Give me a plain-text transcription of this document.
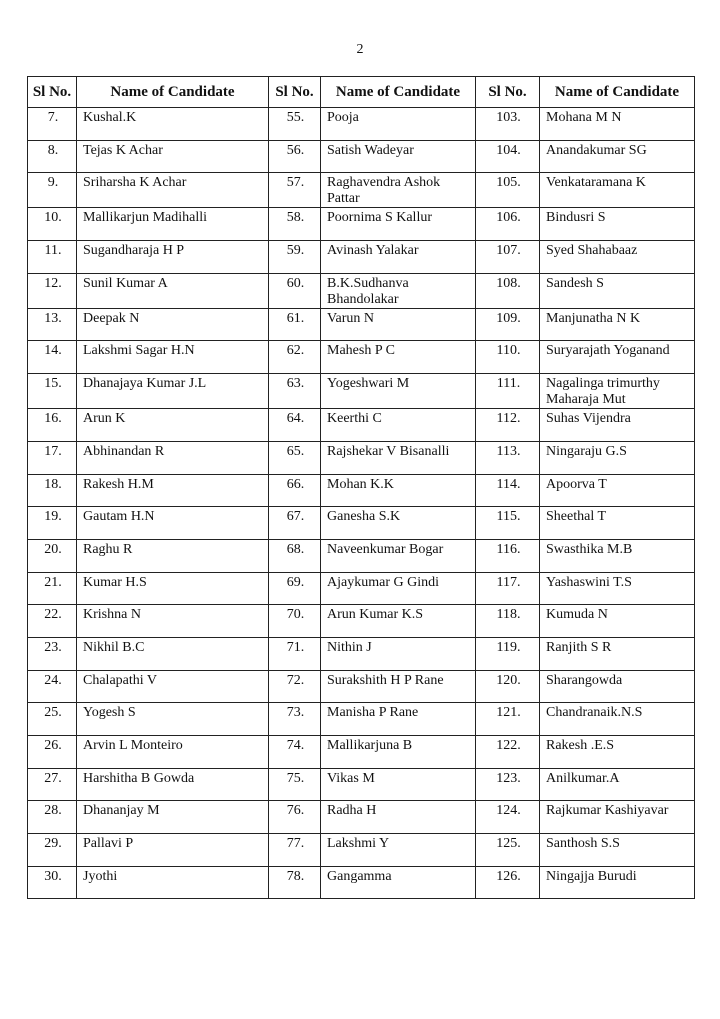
2
Sl No.	Name of Candidate	Sl No.	Name of Candidate	Sl No.	Name of Candidate
7.	Kushal.K	55.	Pooja	103.	Mohana M N
8.	Tejas K Achar	56.	Satish Wadeyar	104.	Anandakumar SG
9.	Sriharsha K Achar	57.	Raghavendra Ashok Pattar	105.	Venkataramana K
10.	Mallikarjun Madihalli	58.	Poornima S Kallur	106.	Bindusri S
11.	Sugandharaja H P	59.	Avinash Yalakar	107.	Syed Shahabaaz
12.	Sunil Kumar A	60.	B.K.Sudhanva Bhandolakar	108.	Sandesh S
13.	Deepak N	61.	Varun N	109.	Manjunatha N K
14.	Lakshmi Sagar H.N	62.	Mahesh P C	110.	Suryarajath Yoganand
15.	Dhanajaya Kumar J.L	63.	Yogeshwari M	111.	Nagalinga trimurthy Maharaja Mut
16.	Arun K	64.	Keerthi C	112.	Suhas Vijendra
17.	Abhinandan R	65.	Rajshekar V Bisanalli	113.	Ningaraju G.S
18.	Rakesh H.M	66.	Mohan K.K	114.	Apoorva T
19.	Gautam H.N	67.	Ganesha S.K	115.	Sheethal T
20.	Raghu R	68.	Naveenkumar Bogar	116.	Swasthika M.B
21.	Kumar H.S	69.	Ajaykumar G Gindi	117.	Yashaswini T.S
22.	Krishna N	70.	Arun Kumar K.S	118.	Kumuda N
23.	Nikhil B.C	71.	Nithin J	119.	Ranjith S R
24.	Chalapathi V	72.	Surakshith H P Rane	120.	Sharangowda
25.	Yogesh S	73.	Manisha P Rane	121.	Chandranaik.N.S
26.	Arvin L Monteiro	74.	Mallikarjuna B	122.	Rakesh .E.S
27.	Harshitha B Gowda	75.	Vikas M	123.	Anilkumar.A
28.	Dhananjay M	76.	Radha H	124.	Rajkumar Kashiyavar
29.	Pallavi P	77.	Lakshmi Y	125.	Santhosh S.S
30.	Jyothi	78.	Gangamma	126.	Ningajja Burudi
